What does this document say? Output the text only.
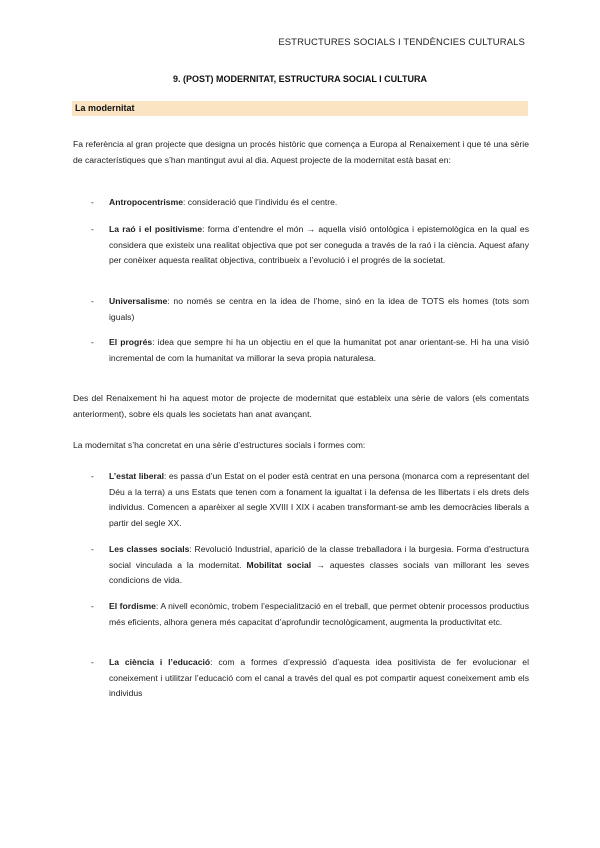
ESTRUCTURES SOCIALS I TENDÈNCIES CULTURALS
9. (POST) MODERNITAT, ESTRUCTURA SOCIAL I CULTURA
La modernitat
Fa referència al gran projecte que designa un procés històric que comença a Europa al Renaixement i que té una sèrie de característiques que s’han mantingut avui al dia. Aquest projecte de la modernitat està basat en:
- Antropocentrisme: consideració que l’individu és el centre.
- La raó i el positivisme: forma d’entendre el món → aquella visió ontològica i epistemològica en la qual es considera que existeix una realitat objectiva que pot ser coneguda a través de la raó i la ciència. Aquest afany per conèixer aquesta realitat objectiva, contribueix a l’evolució i el progrés de la societat.
- Universalisme: no només se centra en la idea de l’home, sinó en la idea de TOTS els homes (tots som iguals)
- El progrés: idea que sempre hi ha un objectiu en el que la humanitat pot anar orientant-se. Hi ha una visió incremental de com la humanitat va millorar la seva propia naturalesa.
Des del Renaixement hi ha aquest motor de projecte de modernitat que estableix una sèrie de valors (els comentats anteriorment), sobre els quals les societats han anat avançant.
La modernitat s’ha concretat en una sèrie d’estructures socials i formes com:
- L’estat liberal: es passa d’un Estat on el poder està centrat en una persona (monarca com a representant del Déu a la terra) a uns Estats que tenen com a fonament la igualtat i la defensa de les llibertats i els drets dels individus. Comencen a aparèixer al segle XVIII I XIX i acaben transformant-se amb les democràcies liberals a partir del segle XX.
- Les classes socials: Revolució Industrial, aparició de la classe treballadora i la burgesia. Forma d’estructura social vinculada a la modernitat. Mobilitat social → aquestes classes socials van millorant les seves condicions de vida.
- El fordisme: A nivell econòmic, trobem l’especialització en el treball, que permet obtenir processos productius més eficients, alhora genera més capacitat d’aprofundir tecnològicament, augmenta la productivitat etc.
- La ciència i l’educació: com a formes d’expressió d’aquesta idea positivista de fer evolucionar el coneixement i utilitzar l’educació com el canal a través del qual es pot compartir aquest coneixement amb els individus
